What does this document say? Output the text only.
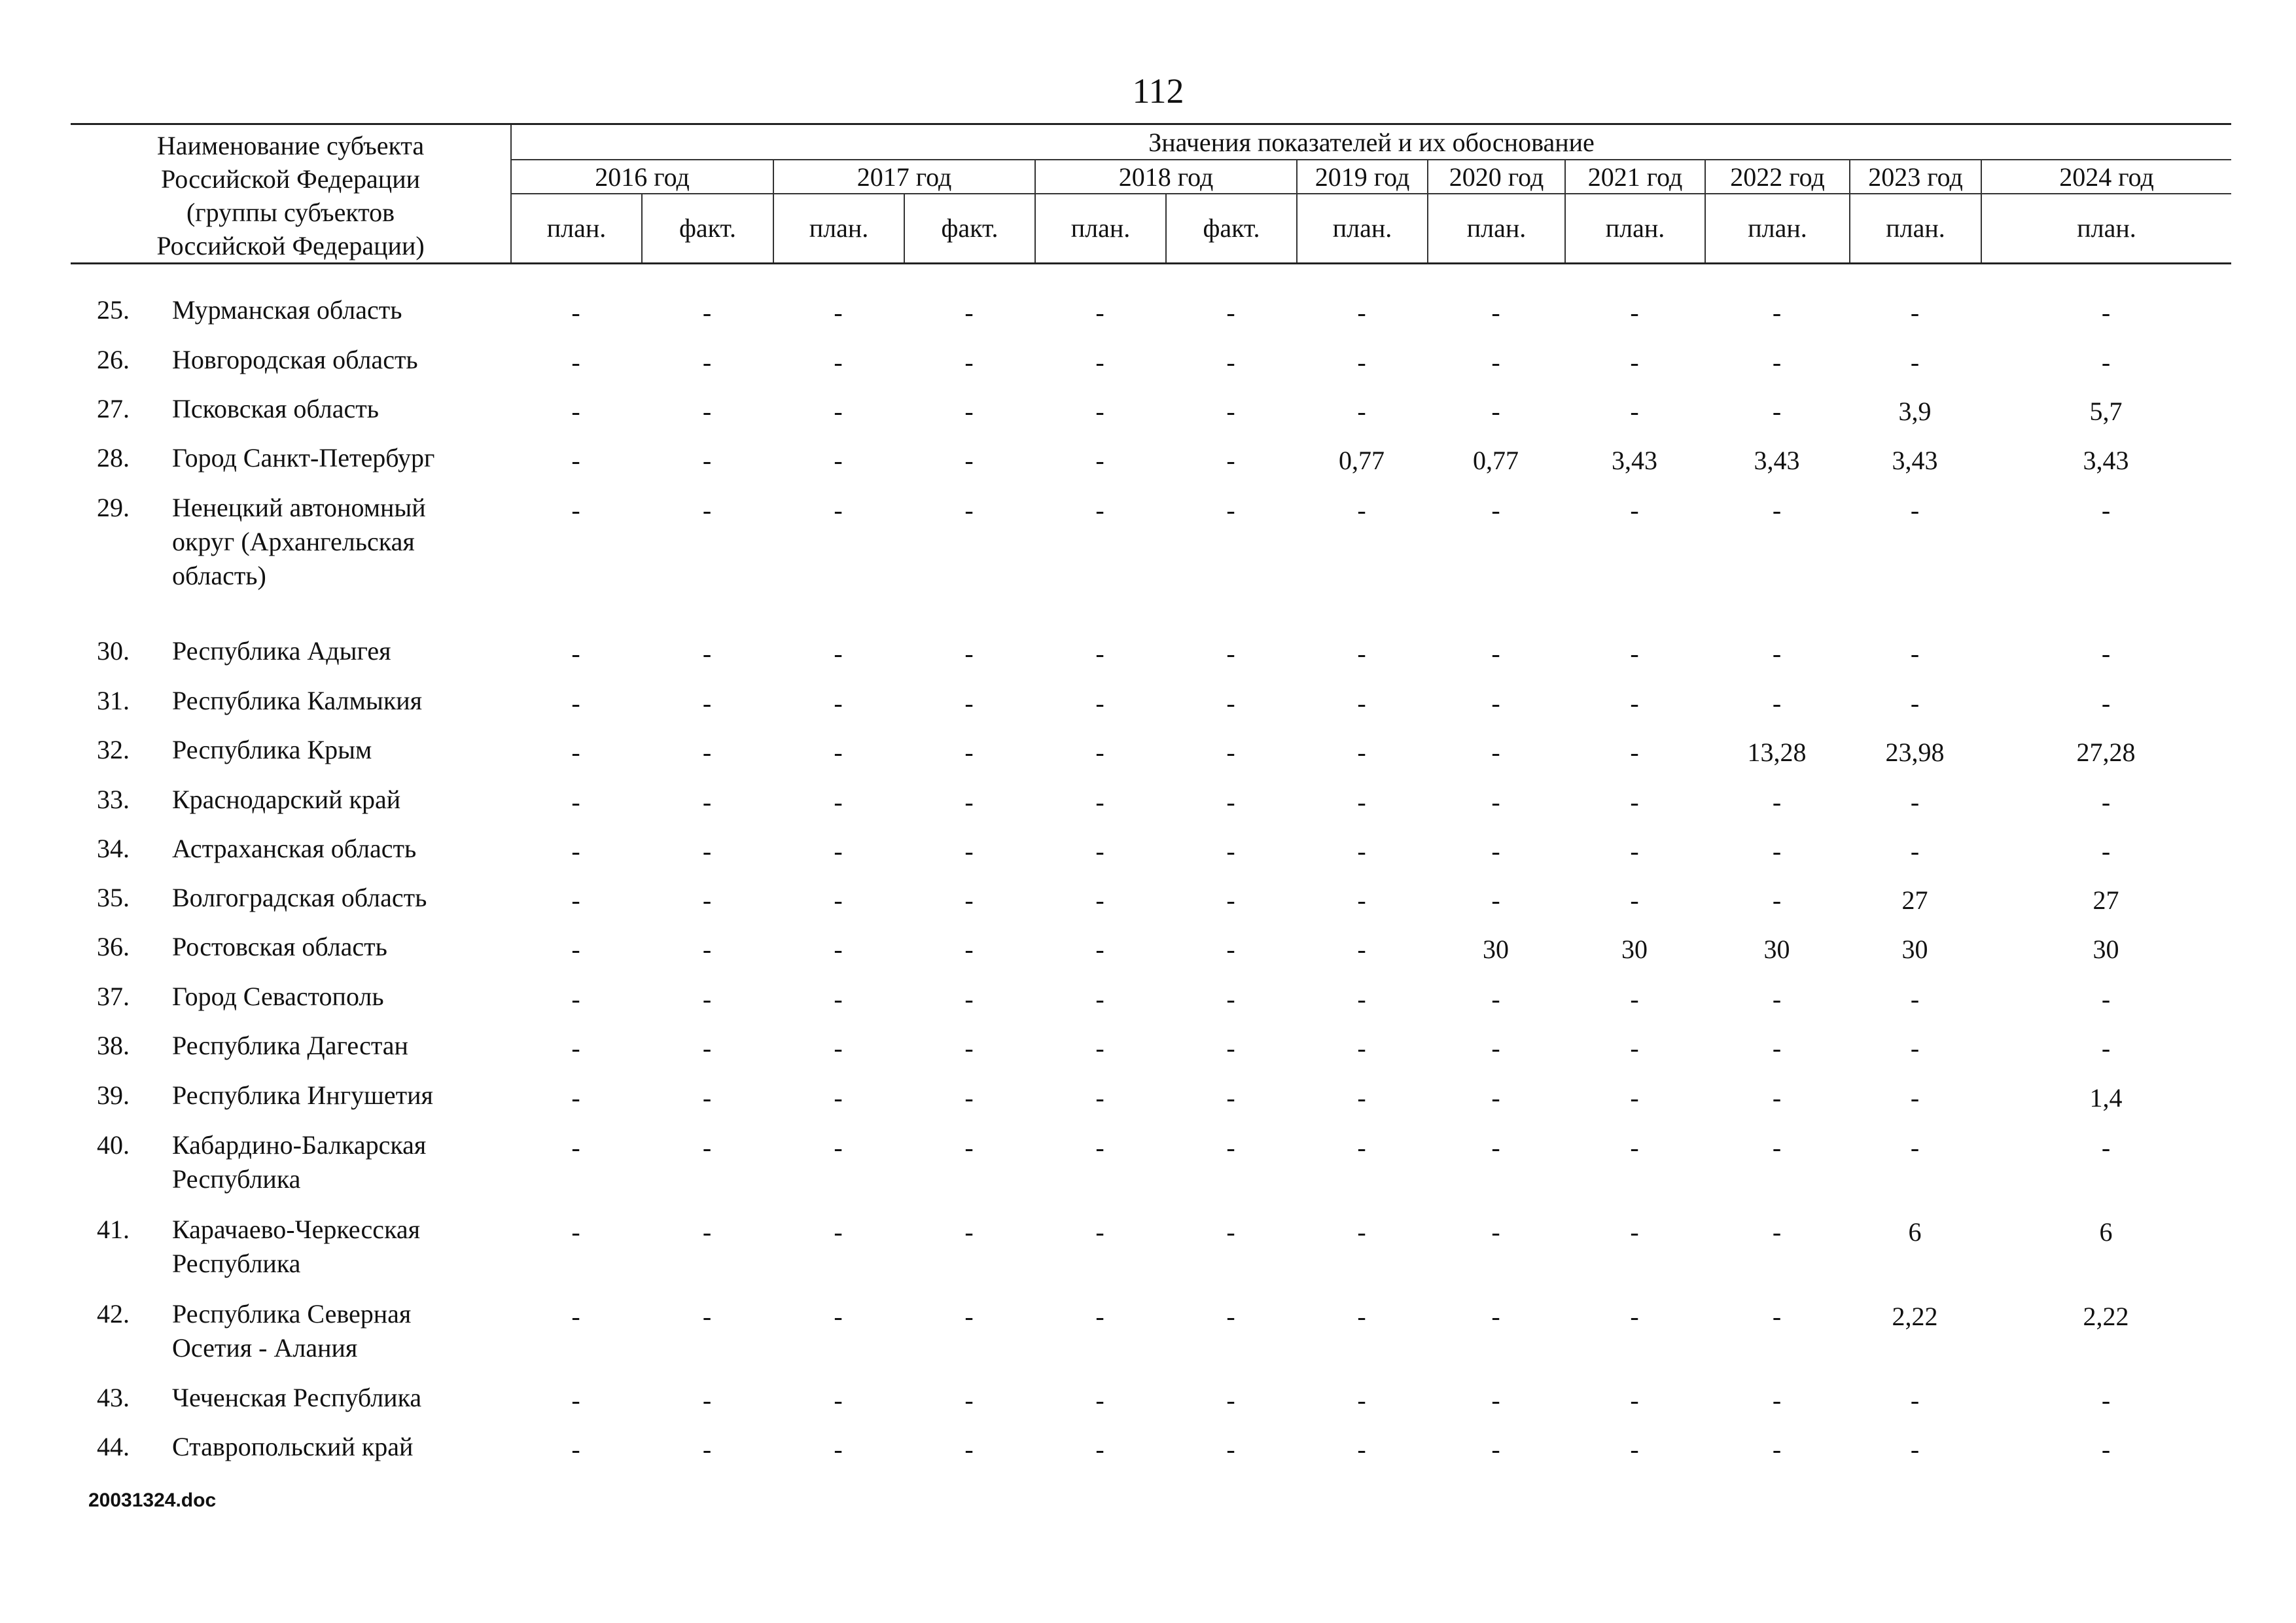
112
Наименование субъекта
Российской Федерации
(группы субъектов
Российской Федерации)
Значения показателей и их обоснование
2016 год	2017 год	2018 год	2019 год	2020 год	2021 год	2022 год	2023 год	2024 год
план.	факт.	план.	факт.	план.	факт.	план.	план.	план.	план.	план.	план.
25.	Мурманская область	-	-	-	-	-	-	-	-	-	-	-	-
26.	Новгородская область	-	-	-	-	-	-	-	-	-	-	-	-
27.	Псковская область	-	-	-	-	-	-	-	-	-	-	3,9	5,7
28.	Город Санкт-Петербург	-	-	-	-	-	-	0,77	0,77	3,43	3,43	3,43	3,43
29.	Ненецкий автономный
округ (Архангельская
область)
-	-	-	-	-	-	-	-	-	-	-	-
30.	Республика Адыгея	-	-	-	-	-	-	-	-	-	-	-	-
31.	Республика Калмыкия	-	-	-	-	-	-	-	-	-	-	-	-
32.	Республика Крым	-	-	-	-	-	-	-	-	-	13,28	23,98	27,28
33.	Краснодарский край	-	-	-	-	-	-	-	-	-	-	-	-
34.	Астраханская область	-	-	-	-	-	-	-	-	-	-	-	-
35.	Волгоградская область	-	-	-	-	-	-	-	-	-	-	27	27
36.	Ростовская область	-	-	-	-	-	-	-	30	30	30	30	30
37.	Город Севастополь	-	-	-	-	-	-	-	-	-	-	-	-
38.	Республика Дагестан	-	-	-	-	-	-	-	-	-	-	-	-
39.	Республика Ингушетия	-	-	-	-	-	-	-	-	-	-	-	1,4
40.	Кабардино-Балкарская
Республика
-	-	-	-	-	-	-	-	-	-	-	-
41.	Карачаево-Черкесская
Республика
-	-	-	-	-	-	-	-	-	-	6	6
42.	Республика Северная
Осетия - Алания
-	-	-	-	-	-	-	-	-	-	2,22	2,22
43.	Чеченская Республика	-	-	-	-	-	-	-	-	-	-	-	-
44.	Ставропольский край	-	-	-	-	-	-	-	-	-	-	-	-
20031324.doc
